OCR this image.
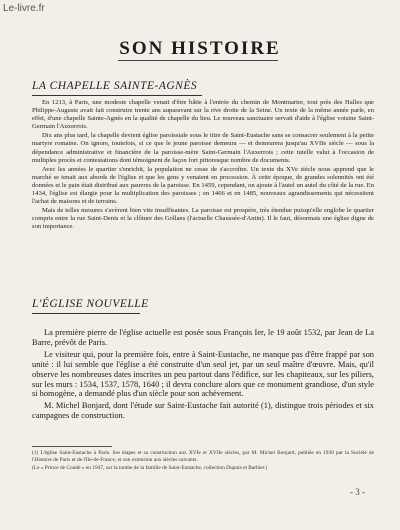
Le-livre.fr
SON HISTOIRE
LA CHAPELLE SAINTE-AGNÈS

En 1213, à Paris, une modeste chapelle venait d'être bâtie à l'entrée du chemin de Montmartre, tout près des Halles que Philippe-Auguste avait fait construire trente ans auparavant sur la rive droite de la Seine. Un texte de la même année parle, en effet, d'une chapelle Sainte-Agnès en la qualité de chapelle du lieu. Le nouveau sanctuaire servait d'aide à l'église voisine Saint-Germain l'Auxerrois.

Dix ans plus tard, la chapelle devient église paroissiale sous le titre de Saint-Eustache sans se consacrer seulement à la petite martyre romaine. On ignore, toutefois, si ce que le jeune paroisse demeura — et demeurera jusqu'au XVIIe siècle — sous la dépendance administrative et financière de la paroisse-mère Saint-Germain l'Auxerrois ; cette tutelle valut à l'occasion de multiples procès et contestations dont témoignent de façon fort pittoresque nombre de documents.

Avec les années le quartier s'enrichit, la population ne cesse de s'accroître. Un texte du XVe siècle nous apprend que le marché se tenait aux abords de l'église et que les gens y venaient en procession. À cette époque, de grandes solennités ont été données et le pain était distribué aux pauvres de la paroisse. En 1459, cependant, on ajoute à l'autel un autel du côté de la rue. En 1434, l'église est élargie pour la multiplication des paroisses ; en 1466 et en 1485, nouveaux agrandissements qui nécessitent l'achat de maisons et de terrains.

Mais de telles mesures s'avèrent bien vite insuffisantes. La paroisse est prospère, très étendue puisqu'elle englobe le quartier compris entre la rue Saint-Denis et la clôture des Gollans (l'actuelle Chaussée-d'Antin). Il le faut, désormais une église digne de son importance.

L'ÉGLISE NOUVELLE

La première pierre de l'église actuelle est posée sous François Ier, le 19 août 1532, par Jean de La Barre, prévôt de Paris.

Le visiteur qui, pour la première fois, entre à Saint-Eustache, ne manque pas d'être frappé par son unité : il lui semble que l'église a été construite d'un seul jet, par un seul maître d'œuvre. Mais, qu'il observe les nombreuses dates inscrites un peu partout dans l'édifice, sur les chapiteaux, sur les piliers, sur les murs : 1534, 1537, 1578, 1640 ; il devra conclure alors que ce monument grandiose, d'un style si homogène, a demandé plus d'un siècle pour son achèvement.

M. Michel Bonjard, dont l'étude sur Saint-Eustache fait autorité (1), distingue trois périodes et six campagnes de construction.

(1) L'église Saint-Eustache à Paris. Ses étapes et sa construction aux XVIe et XVIIe siècles, par M. Michel Bonjard, publiée en 1930 par la Société de l'Histoire de Paris et de l'Ile-de-France, et son extension aux siècles suivants.

(Le « Prince de Condé » en 1947, sur la tombe de la famille de Saint-Eustache, collection Dupuis et Barbier.)

- 3 -
